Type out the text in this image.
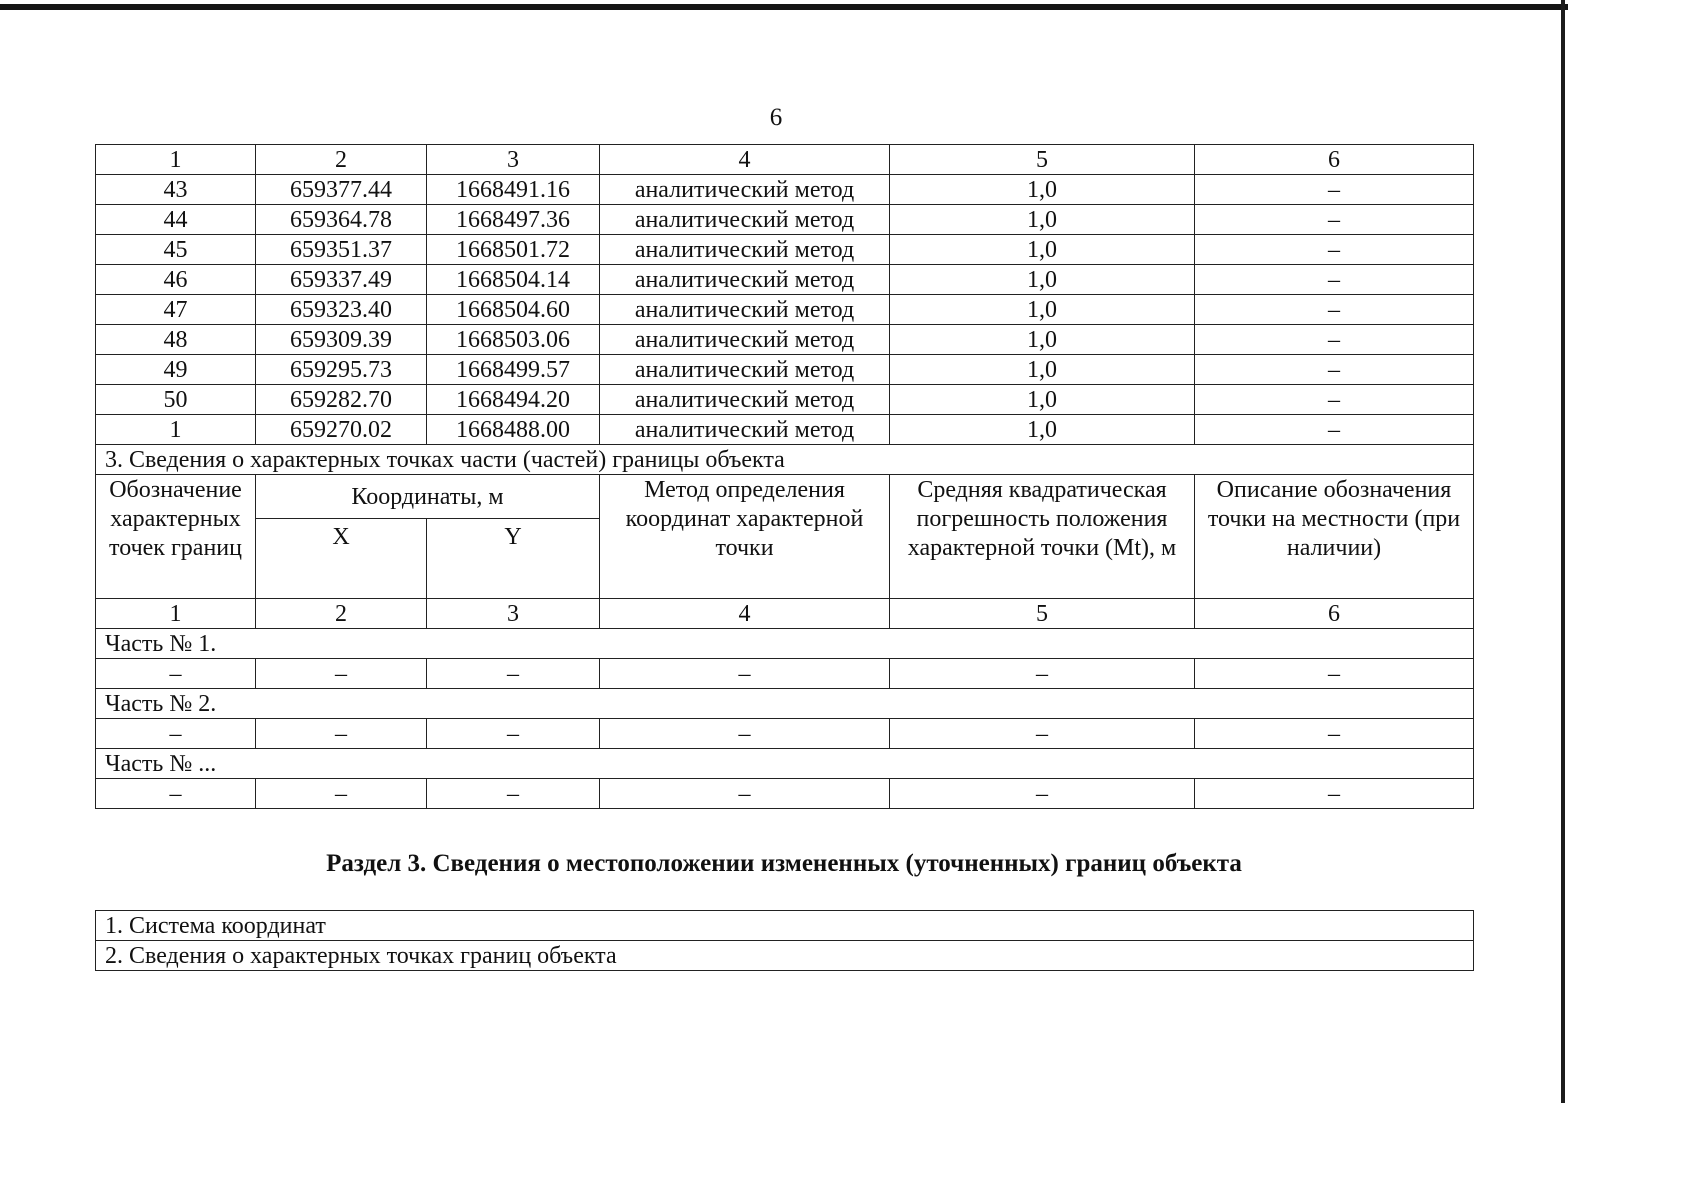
6
1	2	3	4	5	6
43	659377.44	1668491.16	аналитический метод	1,0	–
44	659364.78	1668497.36	аналитический метод	1,0	–
45	659351.37	1668501.72	аналитический метод	1,0	–
46	659337.49	1668504.14	аналитический метод	1,0	–
47	659323.40	1668504.60	аналитический метод	1,0	–
48	659309.39	1668503.06	аналитический метод	1,0	–
49	659295.73	1668499.57	аналитический метод	1,0	–
50	659282.70	1668494.20	аналитический метод	1,0	–
1	659270.02	1668488.00	аналитический метод	1,0	–
3. Сведения о характерных точках части (частей) границы объекта					
Обозначение характерных точек границ	Координаты, м		Метод определения координат характерной точки	Средняя квадратическая погрешность положения характерной точки (Mt), м	Описание обозначения точки на местности (при наличии)
	X	Y			
1	2	3	4	5	6
Часть № 1.					
–	–	–	–	–	–
Часть № 2.					
–	–	–	–	–	–
Часть № ...					
–	–	–	–	–	–
Раздел 3. Сведения о местоположении измененных (уточненных) границ объекта
1. Система координат
2. Сведения о характерных точках границ объекта
